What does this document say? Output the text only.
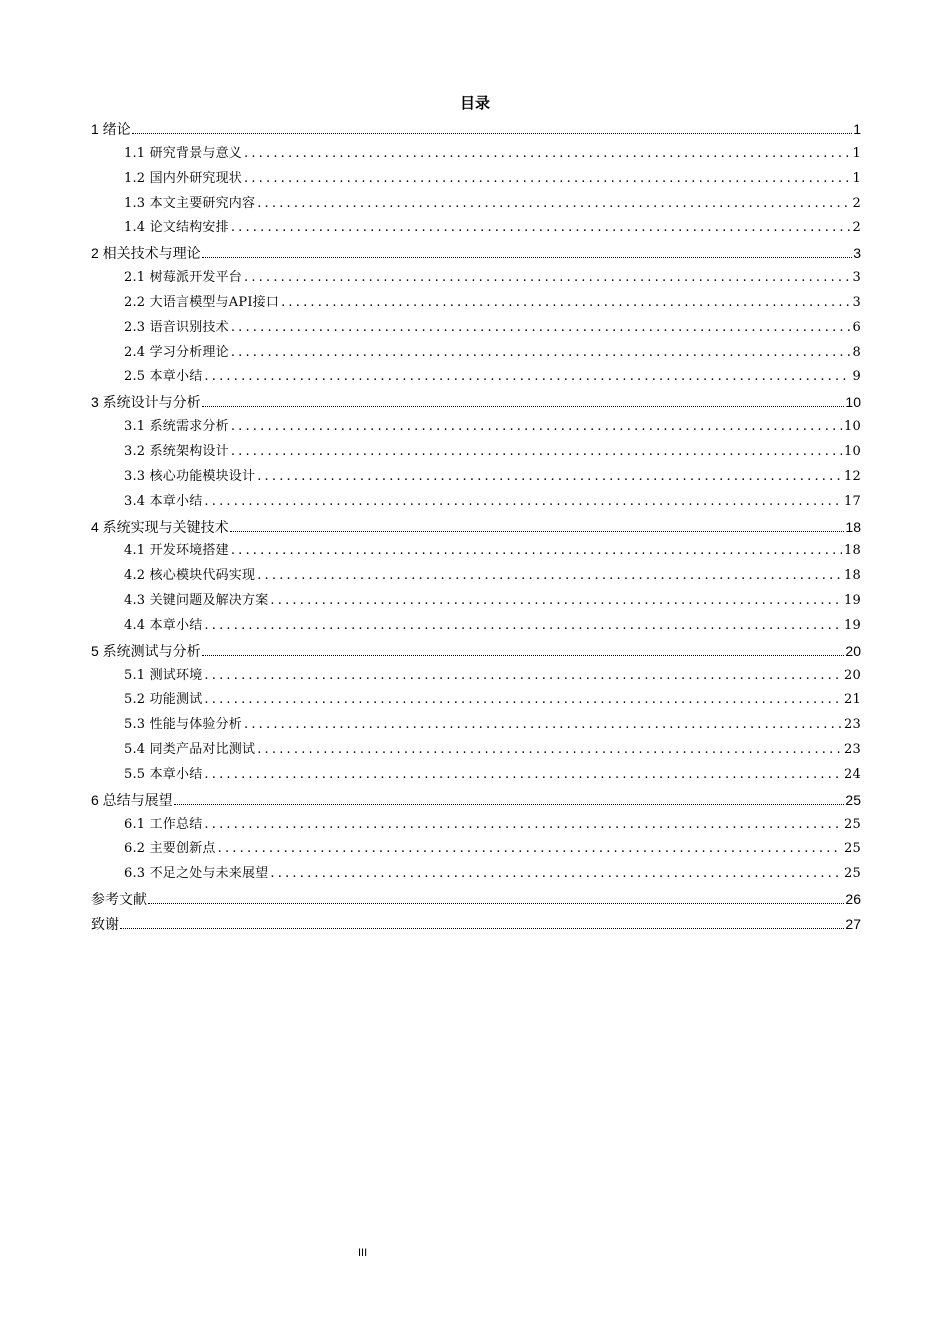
目录
1 绪论	1
1.1 研究背景与意义 .....	1
1.2 国内外研究现状 .....	1
1.3 本文主要研究内容 .....	2
1.4 论文结构安排 .....	2
2 相关技术与理论	3
2.1 树莓派开发平台 .....	3
2.2 大语言模型与API接口 .....	3
2.3 语音识别技术 .....	6
2.4 学习分析理论 .....	8
2.5 本章小结 .....	9
3 系统设计与分析	10
3.1 系统需求分析 .....	10
3.2 系统架构设计 .....	10
3.3 核心功能模块设计 .....	12
3.4 本章小结 .....	17
4 系统实现与关键技术	18
4.1 开发环境搭建 .....	18
4.2 核心模块代码实现 .....	18
4.3 关键问题及解决方案 .....	19
4.4 本章小结 .....	19
5 系统测试与分析	20
5.1 测试环境 .....	20
5.2 功能测试 .....	21
5.3 性能与体验分析 .....	23
5.4 同类产品对比测试 .....	23
5.5 本章小结 .....	24
6 总结与展望	25
6.1 工作总结 .....	25
6.2 主要创新点 .....	25
6.3 不足之处与未来展望 .....	25
参考文献	26
致谢	27
III
